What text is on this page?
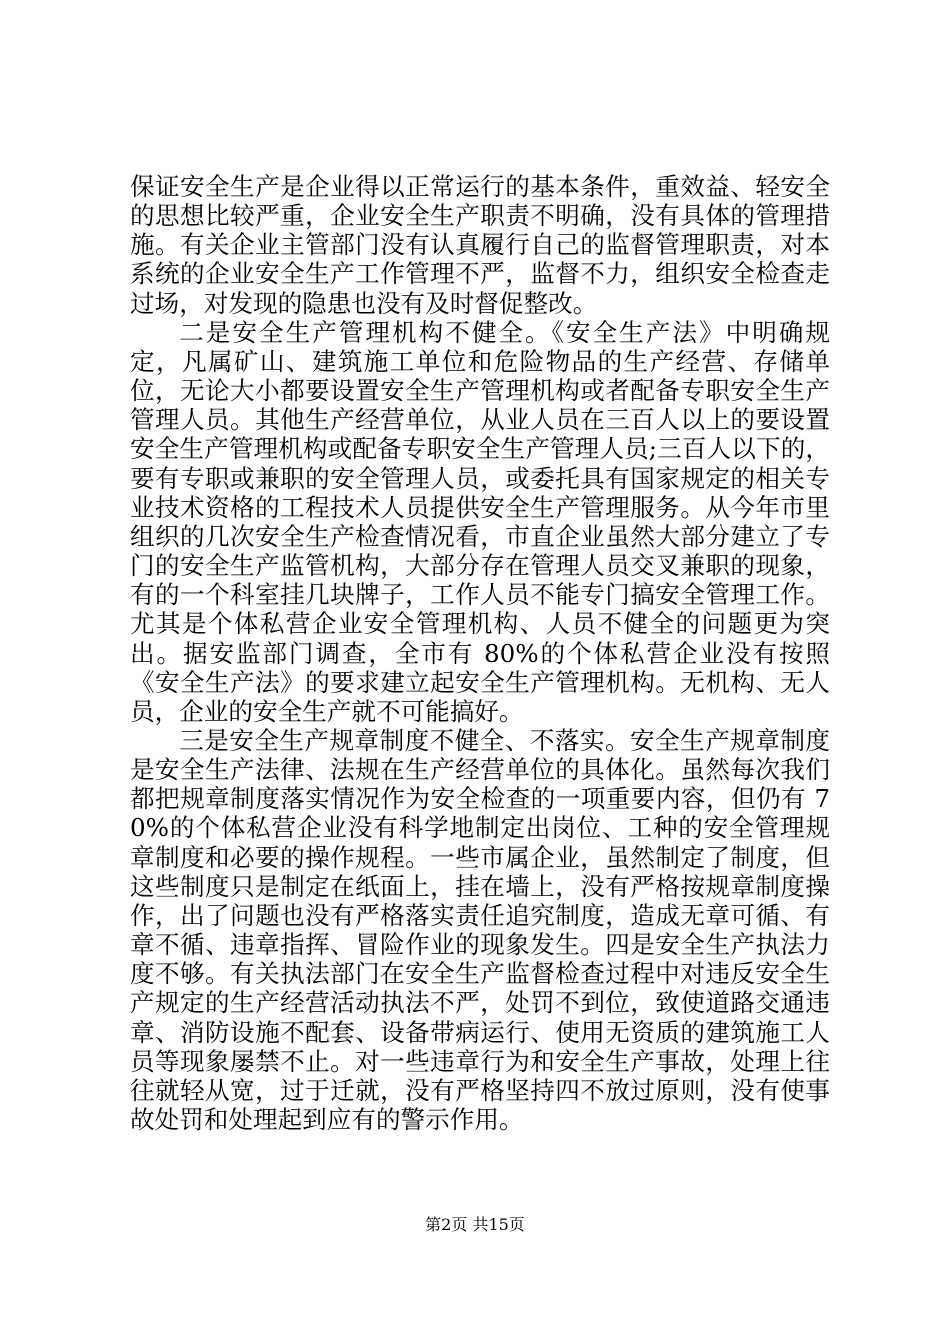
保证安全生产是企业得以正常运行的基本条件，重效益、轻安全的思想比较严重，企业安全生产职责不明确，没有具体的管理措施。有关企业主管部门没有认真履行自己的监督管理职责，对本系统的企业安全生产工作管理不严，监督不力，组织安全检查走过场，对发现的隐患也没有及时督促整改。

二是安全生产管理机构不健全。《安全生产法》中明确规定，凡属矿山、建筑施工单位和危险物品的生产经营、存储单位，无论大小都要设置安全生产管理机构或者配备专职安全生产管理人员。其他生产经营单位，从业人员在三百人以上的要设置安全生产管理机构或配备专职安全生产管理人员;三百人以下的，要有专职或兼职的安全管理人员，或委托具有国家规定的相关专业技术资格的工程技术人员提供安全生产管理服务。从今年市里组织的几次安全生产检查情况看，市直企业虽然大部分建立了专门的安全生产监管机构，大部分存在管理人员交叉兼职的现象，有的一个科室挂几块牌子，工作人员不能专门搞安全管理工作。尤其是个体私营企业安全管理机构、人员不健全的问题更为突出。据安监部门调查，全市有 80%的个体私营企业没有按照《安全生产法》的要求建立起安全生产管理机构。无机构、无人员，企业的安全生产就不可能搞好。

三是安全生产规章制度不健全、不落实。安全生产规章制度是安全生产法律、法规在生产经营单位的具体化。虽然每次我们都把规章制度落实情况作为安全检查的一项重要内容，但仍有 70%的个体私营企业没有科学地制定出岗位、工种的安全管理规章制度和必要的操作规程。一些市属企业，虽然制定了制度，但这些制度只是制定在纸面上，挂在墙上，没有严格按规章制度操作，出了问题也没有严格落实责任追究制度，造成无章可循、有章不循、违章指挥、冒险作业的现象发生。四是安全生产执法力度不够。有关执法部门在安全生产监督检查过程中对违反安全生产规定的生产经营活动执法不严，处罚不到位，致使道路交通违章、消防设施不配套、设备带病运行、使用无资质的建筑施工人员等现象屡禁不止。对一些违章行为和安全生产事故，处理上往往就轻从宽，过于迁就，没有严格坚持四不放过原则，没有使事故处罚和处理起到应有的警示作用。

第2页 共15页
